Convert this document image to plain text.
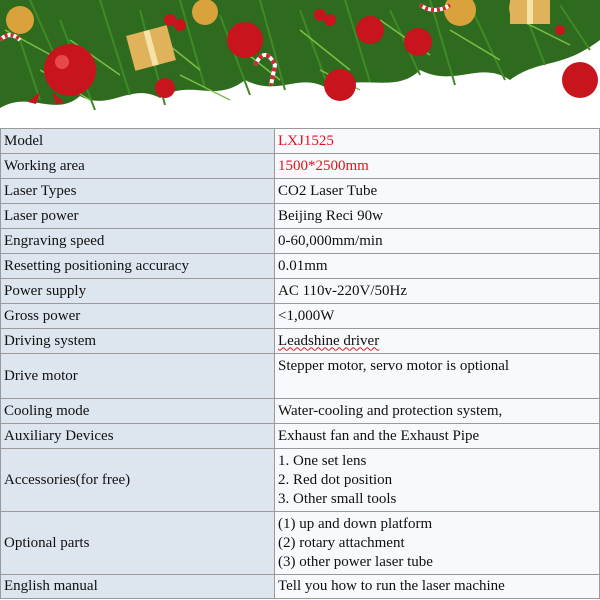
Model	LXJ1525
Working area	1500*2500mm
Laser Types	CO2 Laser Tube
Laser power	Beijing Reci 90w
Engraving speed	0-60,000mm/min
Resetting positioning accuracy	0.01mm
Power supply	AC 110v-220V/50Hz
Gross power	<1,000W
Driving system	Leadshine driver
Drive motor	Stepper motor, servo motor is optional
Cooling mode	Water-cooling and protection system,
Auxiliary Devices	Exhaust fan and the Exhaust Pipe
Accessories(for free)	1. One set lens
2. Red dot position
3. Other small tools

Optional parts	(1) up and down platform
(2) rotary attachment
(3) other power laser tube

English manual	Tell you how to run the laser machine
